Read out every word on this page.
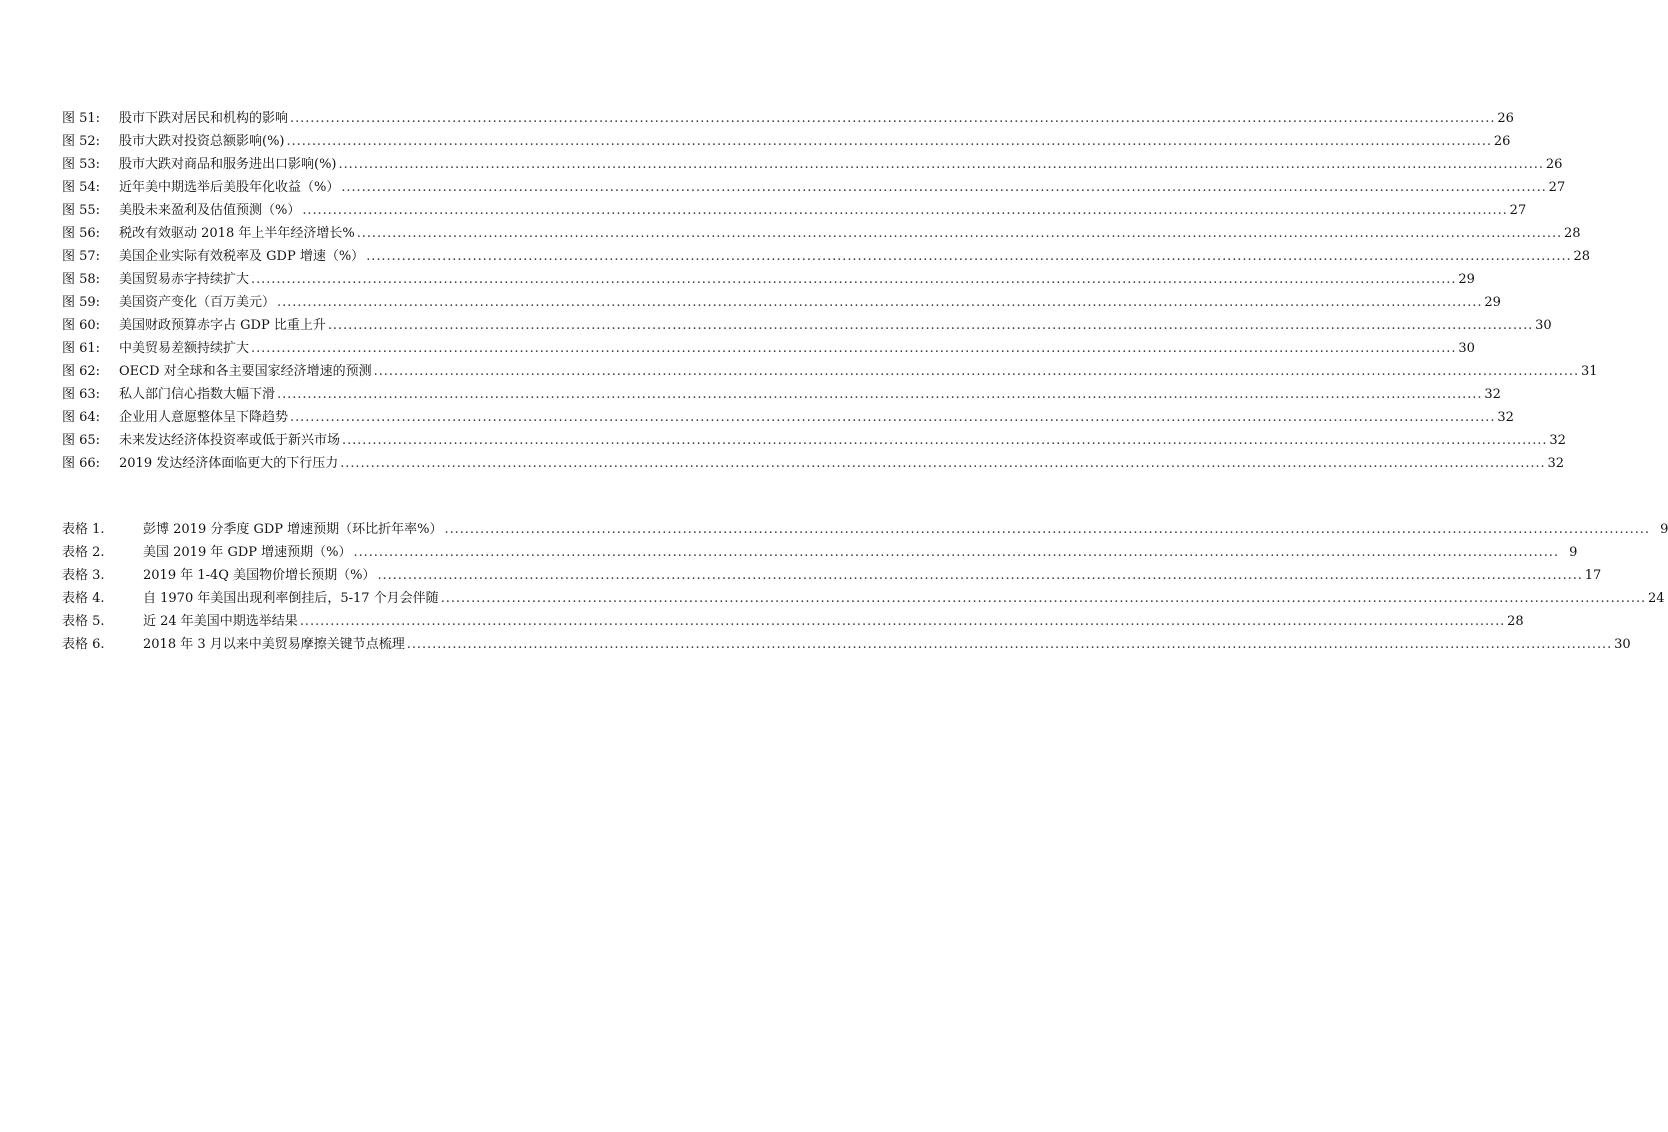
图 51:	股市下跌对居民和机构的影响 . . .	26
图 52:	股市大跌对投资总额影响(%) . . .	26
图 53:	股市大跌对商品和服务进出口影响(%) . . .	26
图 54:	近年美中期选举后美股年化收益（%） . . .	27
图 55:	美股未来盈利及估值预测（%） . . .	27
图 56:	税改有效驱动 2018 年上半年经济增长% . . .	28
图 57:	美国企业实际有效税率及 GDP 增速（%） . . .	28
图 58:	美国贸易赤字持续扩大 . . .	29
图 59:	美国资产变化（百万美元） . . .	29
图 60:	美国财政预算赤字占 GDP 比重上升 . . .	30
图 61:	中美贸易差额持续扩大 . . .	30
图 62:	OECD 对全球和各主要国家经济增速的预测 . . .	31
图 63:	私人部门信心指数大幅下滑 . . .	32
图 64:	企业用人意愿整体呈下降趋势 . . .	32
图 65:	未来发达经济体投资率或低于新兴市场 . . .	32
图 66:	2019 发达经济体面临更大的下行压力 . . .	32
表格 1.	彭博 2019 分季度 GDP 增速预期（环比折年率%） . . .	9
表格 2.	美国 2019 年 GDP 增速预期（%） . . .	9
表格 3.	2019 年 1-4Q 美国物价增长预期（%） . . .	17
表格 4.	自 1970 年美国出现利率倒挂后，5-17 个月会伴随 . . .	24
表格 5.	近 24 年美国中期选举结果 . . .	28
表格 6.	2018 年 3 月以来中美贸易摩擦关键节点梳理 . . .	30
